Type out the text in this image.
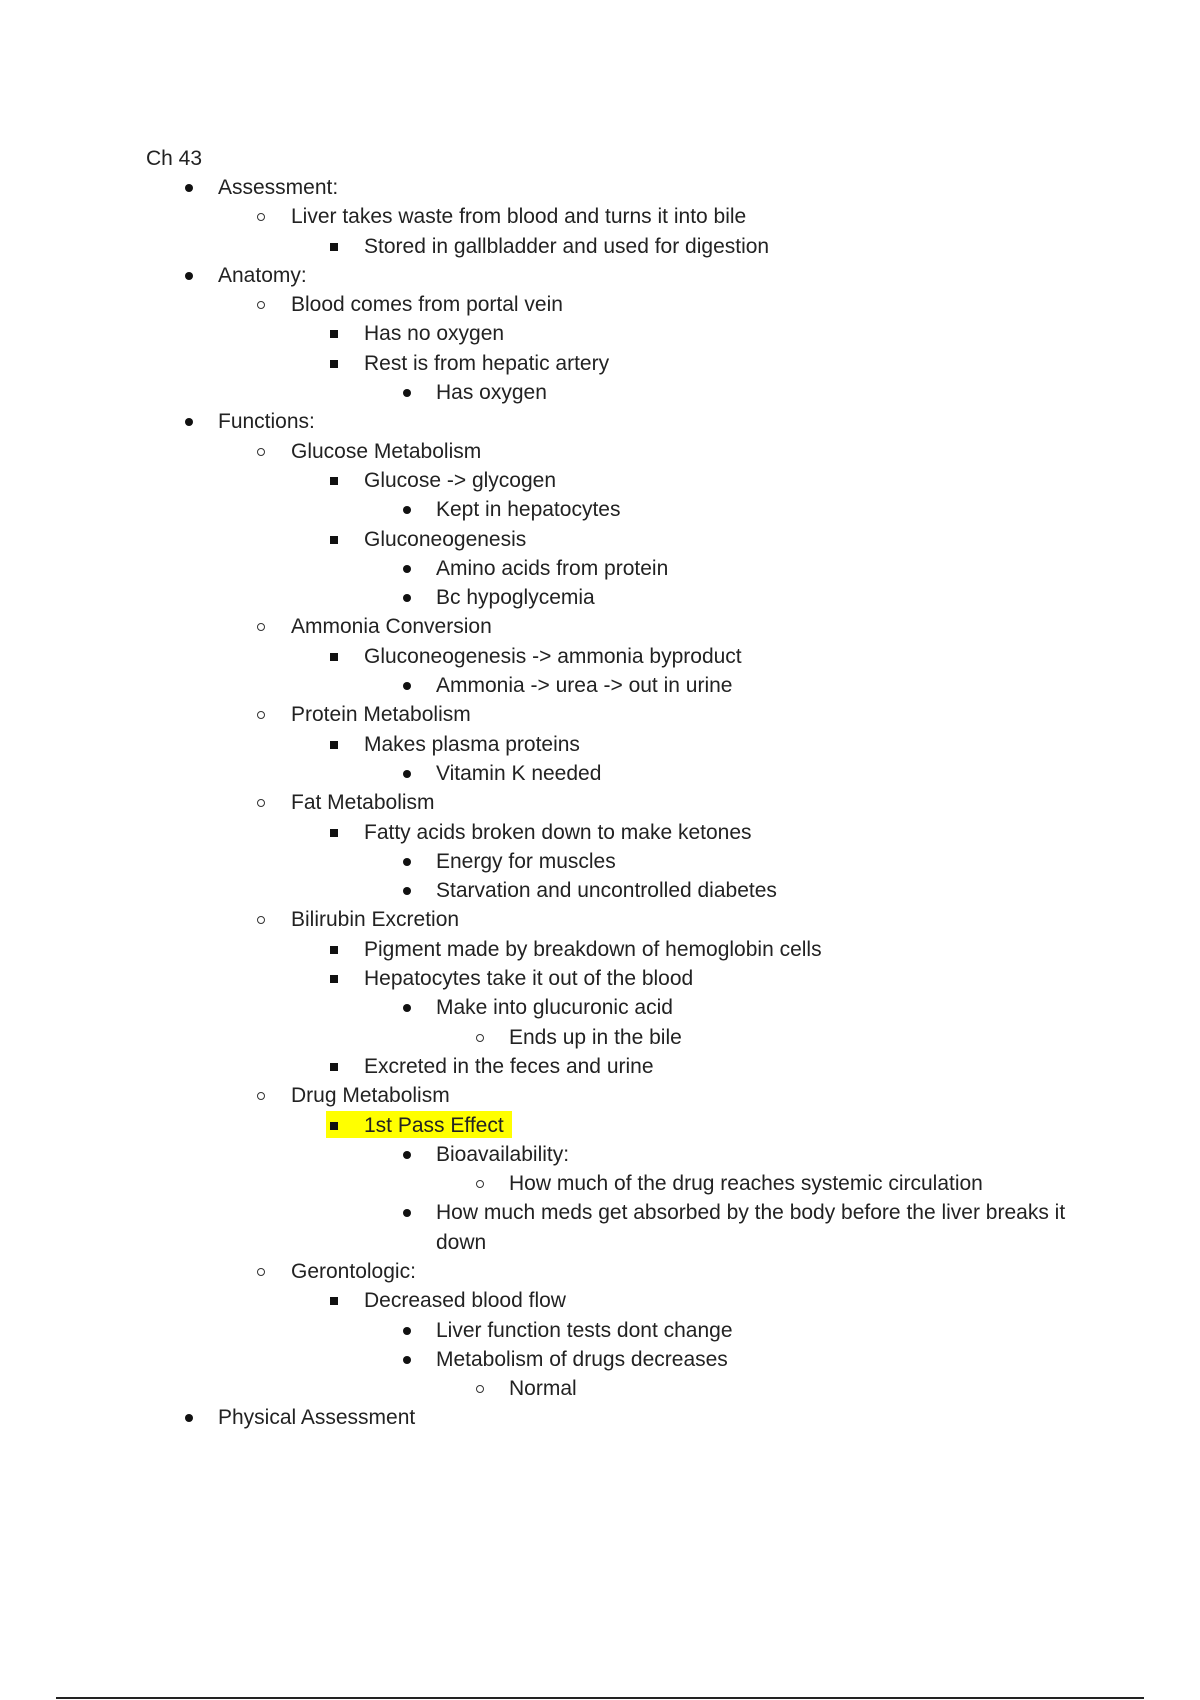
Ch 43
Assessment:
Liver takes waste from blood and turns it into bile
Stored in gallbladder and used for digestion
Anatomy:
Blood comes from portal vein
Has no oxygen
Rest is from hepatic artery
Has oxygen
Functions:
Glucose Metabolism
Glucose -> glycogen
Kept in hepatocytes
Gluconeogenesis
Amino acids from protein
Bc hypoglycemia
Ammonia Conversion
Gluconeogenesis -> ammonia byproduct
Ammonia -> urea -> out in urine
Protein Metabolism
Makes plasma proteins
Vitamin K needed
Fat Metabolism
Fatty acids broken down to make ketones
Energy for muscles
Starvation and uncontrolled diabetes
Bilirubin Excretion
Pigment made by breakdown of hemoglobin cells
Hepatocytes take it out of the blood
Make into glucuronic acid
Ends up in the bile
Excreted in the feces and urine
Drug Metabolism
1st Pass Effect
Bioavailability:
How much of the drug reaches systemic circulation
How much meds get absorbed by the body before the liver breaks it down
Gerontologic:
Decreased blood flow
Liver function tests dont change
Metabolism of drugs decreases
Normal
Physical Assessment
